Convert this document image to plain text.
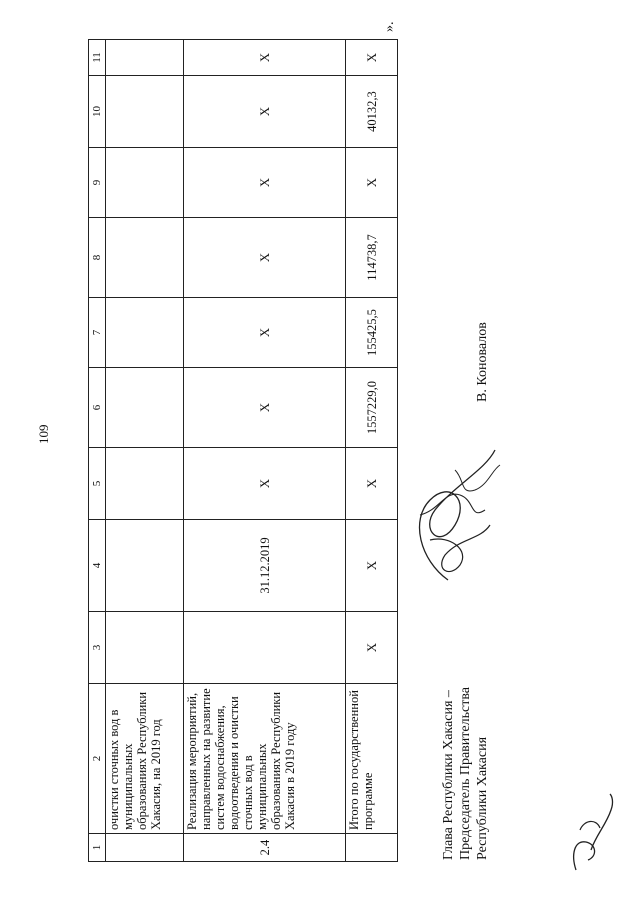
109
1	2	3	4	5	6	7	8	9	10	11
	очистки сточных вод в муниципальных образованиях Республики Хакасия, на 2019 год									
2.4	Реализация мероприятий, направленных на развитие систем водоснабжения, водоотведения и очистки сточных вод в муниципальных образованиях Республики Хакасия в 2019 году		31.12.2019	Х	Х	Х	Х	Х	Х	Х
	Итого по государственной программе	Х	Х	Х	1557229,0	155425,5	114738,7	Х	40132,3	Х
».
Глава Республики Хакасия – Председатель Правительства Республики Хакасия
В. Коновалов
